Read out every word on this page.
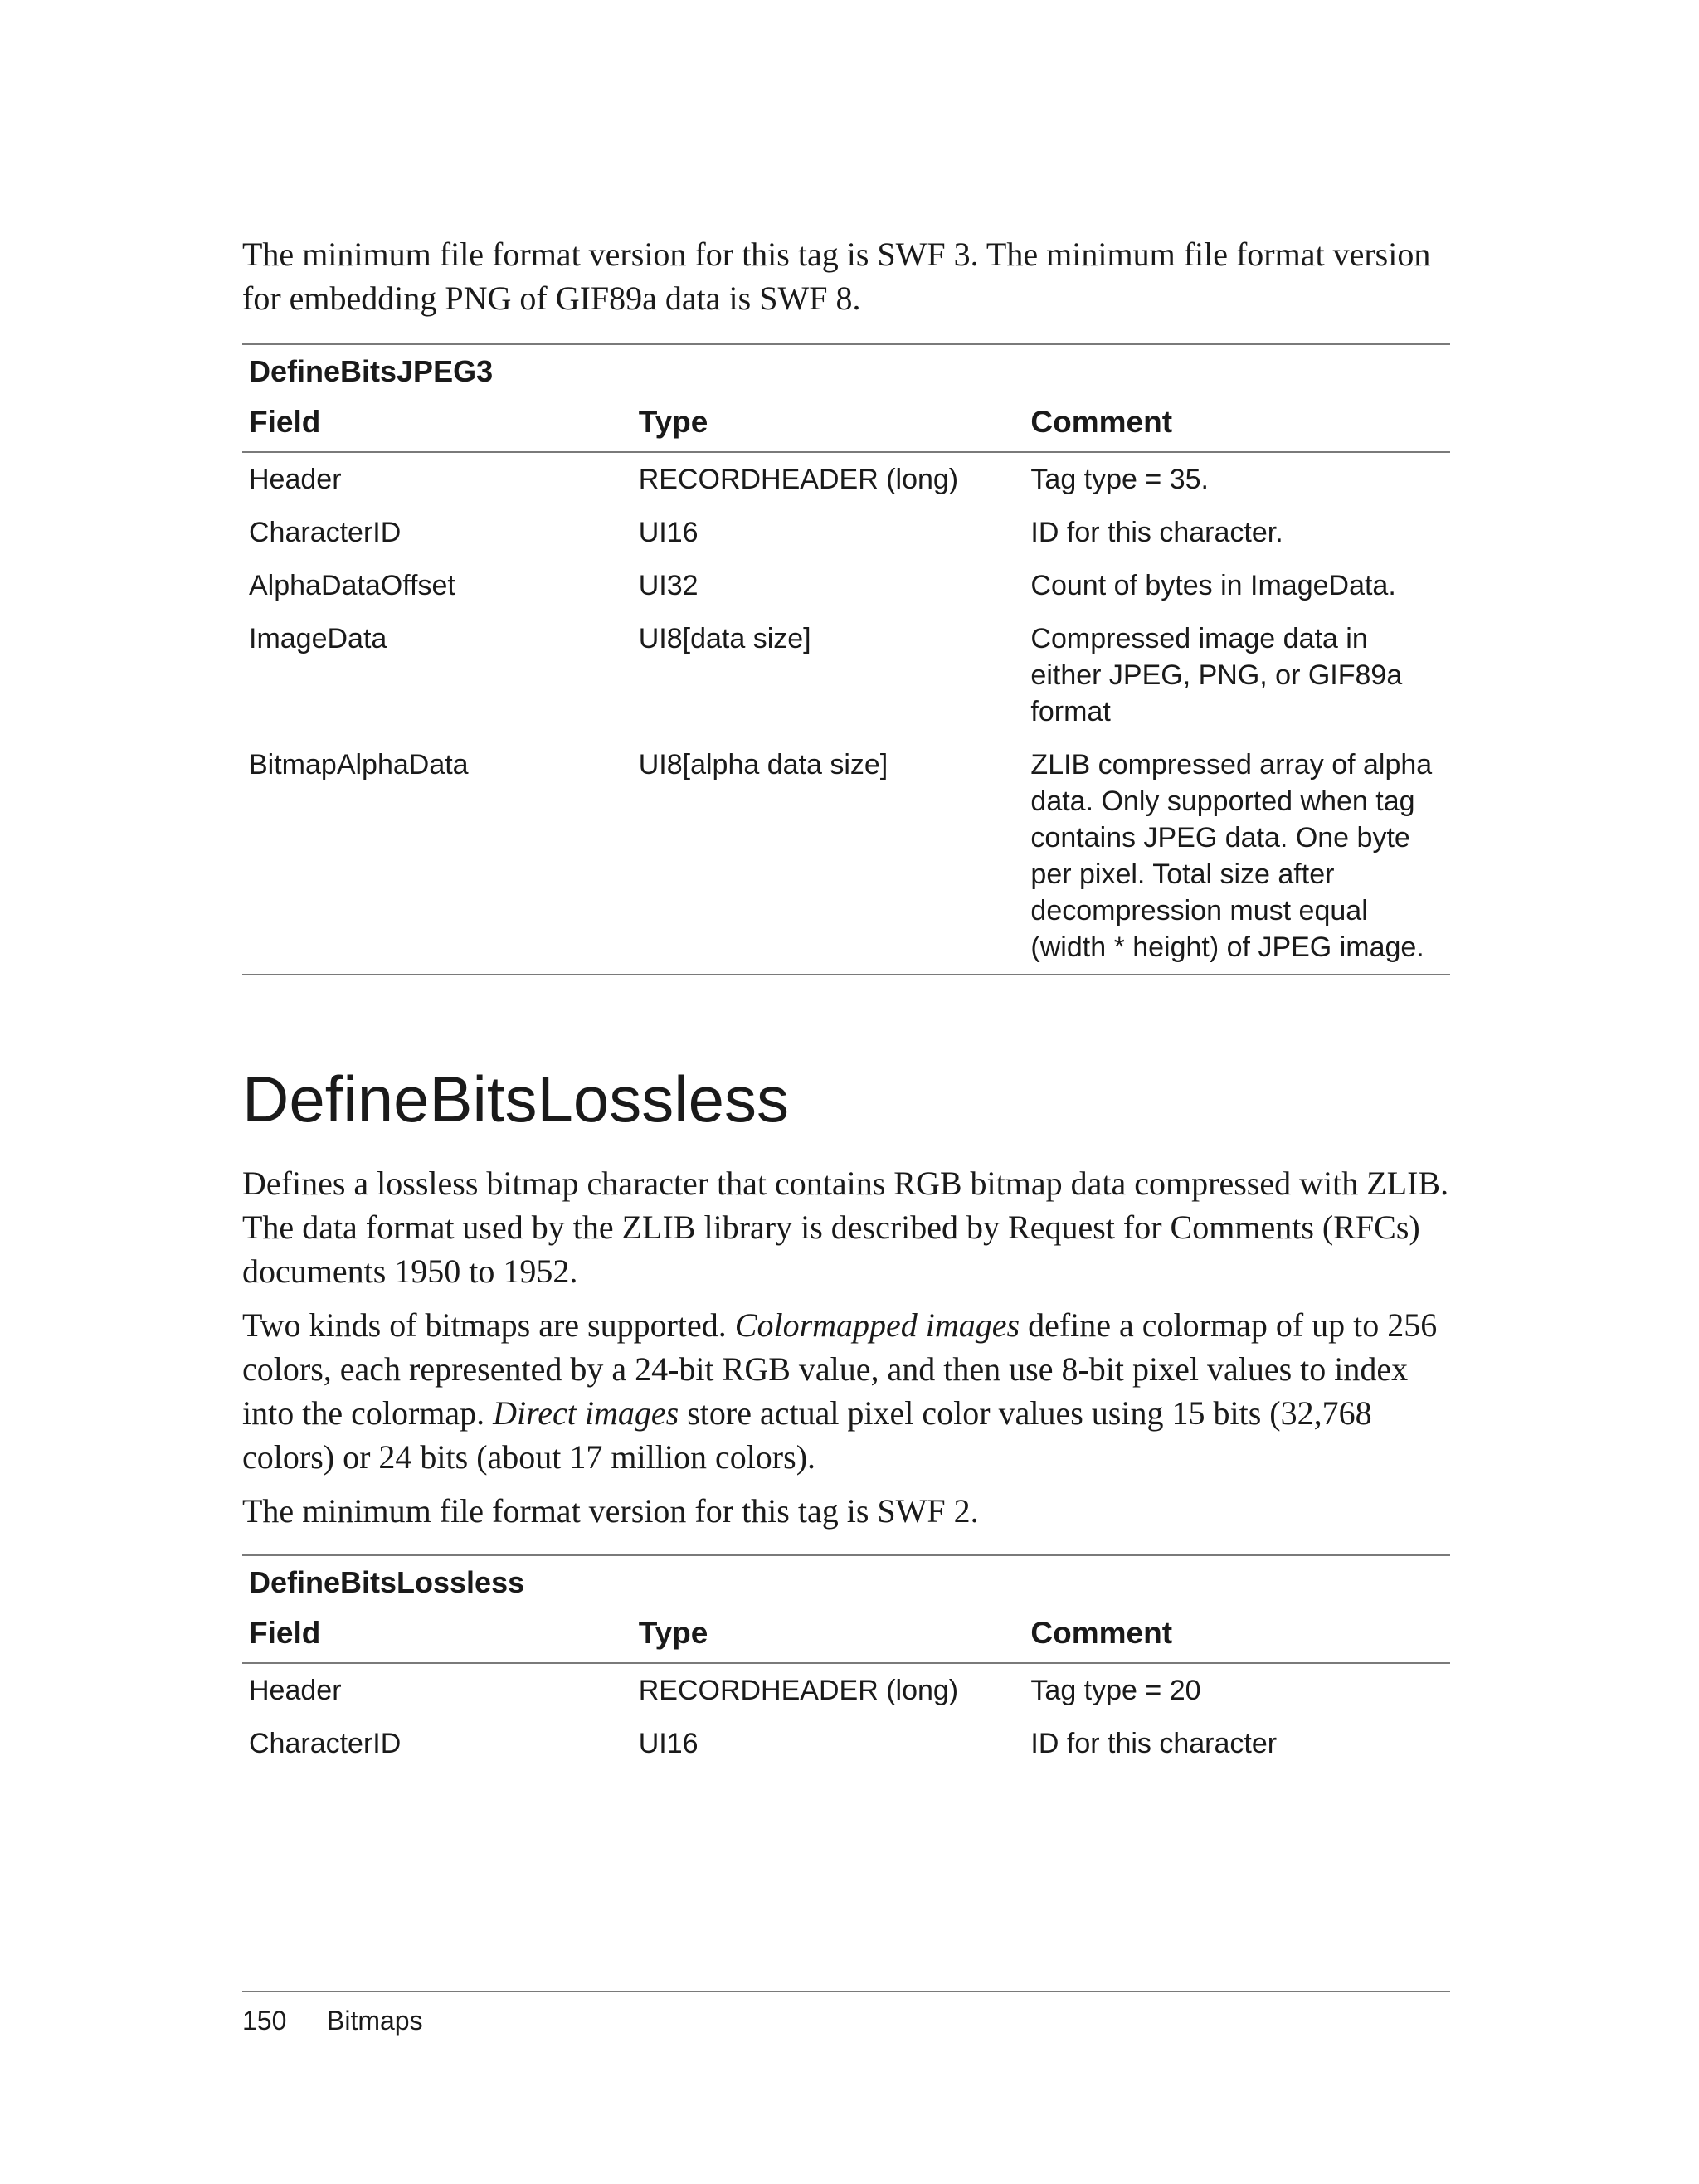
The minimum file format version for this tag is SWF 3. The minimum file format version for embedding PNG of GIF89a data is SWF 8.

DefineBitsJPEG3
Field	Type	Comment
Header	RECORDHEADER (long)	Tag type = 35.
CharacterID	UI16	ID for this character.
AlphaDataOffset	UI32	Count of bytes in ImageData.
ImageData	UI8[data size]	Compressed image data in either JPEG, PNG, or GIF89a format
BitmapAlphaData	UI8[alpha data size]	ZLIB compressed array of alpha data. Only supported when tag contains JPEG data. One byte per pixel. Total size after decompression must equal (width * height) of JPEG image.
DefineBitsLossless

Defines a lossless bitmap character that contains RGB bitmap data compressed with ZLIB. The data format used by the ZLIB library is described by Request for Comments (RFCs) documents 1950 to 1952.

Two kinds of bitmaps are supported. Colormapped images define a colormap of up to 256 colors, each represented by a 24-bit RGB value, and then use 8-bit pixel values to index into the colormap. Direct images store actual pixel color values using 15 bits (32,768 colors) or 24 bits (about 17 million colors).

The minimum file format version for this tag is SWF 2.

DefineBitsLossless
Field	Type	Comment
Header	RECORDHEADER (long)	Tag type = 20
CharacterID	UI16	ID for this character
150	Bitmaps
